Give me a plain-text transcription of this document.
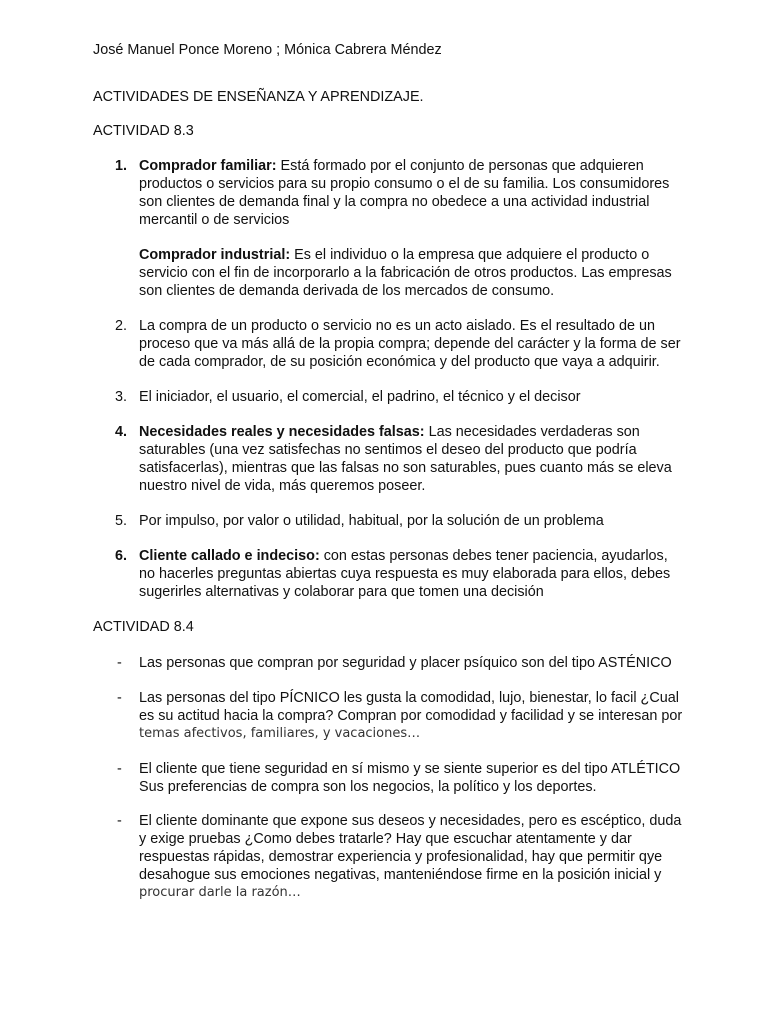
José Manuel Ponce Moreno ; Mónica Cabrera Méndez

ACTIVIDADES DE ENSEÑANZA Y APRENDIZAJE.

ACTIVIDAD 8.3

1. Comprador familiar: Está formado por el conjunto de personas que adquieren
productos o servicios para su propio consumo o el de su familia. Los consumidores
son clientes de demanda final y la compra no obedece a una actividad industrial
mercantil o de servicios
Comprador industrial: Es el individuo o la empresa que adquiere el producto o
servicio con el fin de incorporarlo a la fabricación de otros productos. Las empresas
son clientes de demanda derivada de los mercados de consumo.

2. La compra de un producto o servicio no es un acto aislado. Es el resultado de un
proceso que va más allá de la propia compra; depende del carácter y la forma de ser
de cada comprador, de su posición económica y del producto que vaya a adquirir.

3. El iniciador, el usuario, el comercial, el padrino, el técnico y el decisor

4. Necesidades reales y necesidades falsas: Las necesidades verdaderas son
saturables (una vez satisfechas no sentimos el deseo del producto que podría
satisfacerlas), mientras que las falsas no son saturables, pues cuanto más se eleva
nuestro nivel de vida, más queremos poseer.

5. Por impulso, por valor o utilidad, habitual, por la solución de un problema

6. Cliente callado e indeciso: con estas personas debes tener paciencia, ayudarlos,
no hacerles preguntas abiertas cuya respuesta es muy elaborada para ellos, debes
sugerirles alternativas y colaborar para que tomen una decisión

ACTIVIDAD 8.4

- Las personas que compran por seguridad y placer psíquico son del tipo ASTÉNICO

- Las personas del tipo PÍCNICO les gusta la comodidad, lujo, bienestar, lo facil ¿Cual
es su actitud hacia la compra? Compran por comodidad y facilidad y se interesan por
temas afectivos, familiares, y vacaciones…

- El cliente que tiene seguridad en sí mismo y se siente superior es del tipo ATLÉTICO
Sus preferencias de compra son los negocios, la político y los deportes.

- El cliente dominante que expone sus deseos y necesidades, pero es escéptico, duda
y exige pruebas ¿Como debes tratarle? Hay que escuchar atentamente y dar
respuestas rápidas, demostrar experiencia y profesionalidad, hay que permitir qye
desahogue sus emociones negativas, manteniéndose firme en la posición inicial y
procurar darle la razón…
